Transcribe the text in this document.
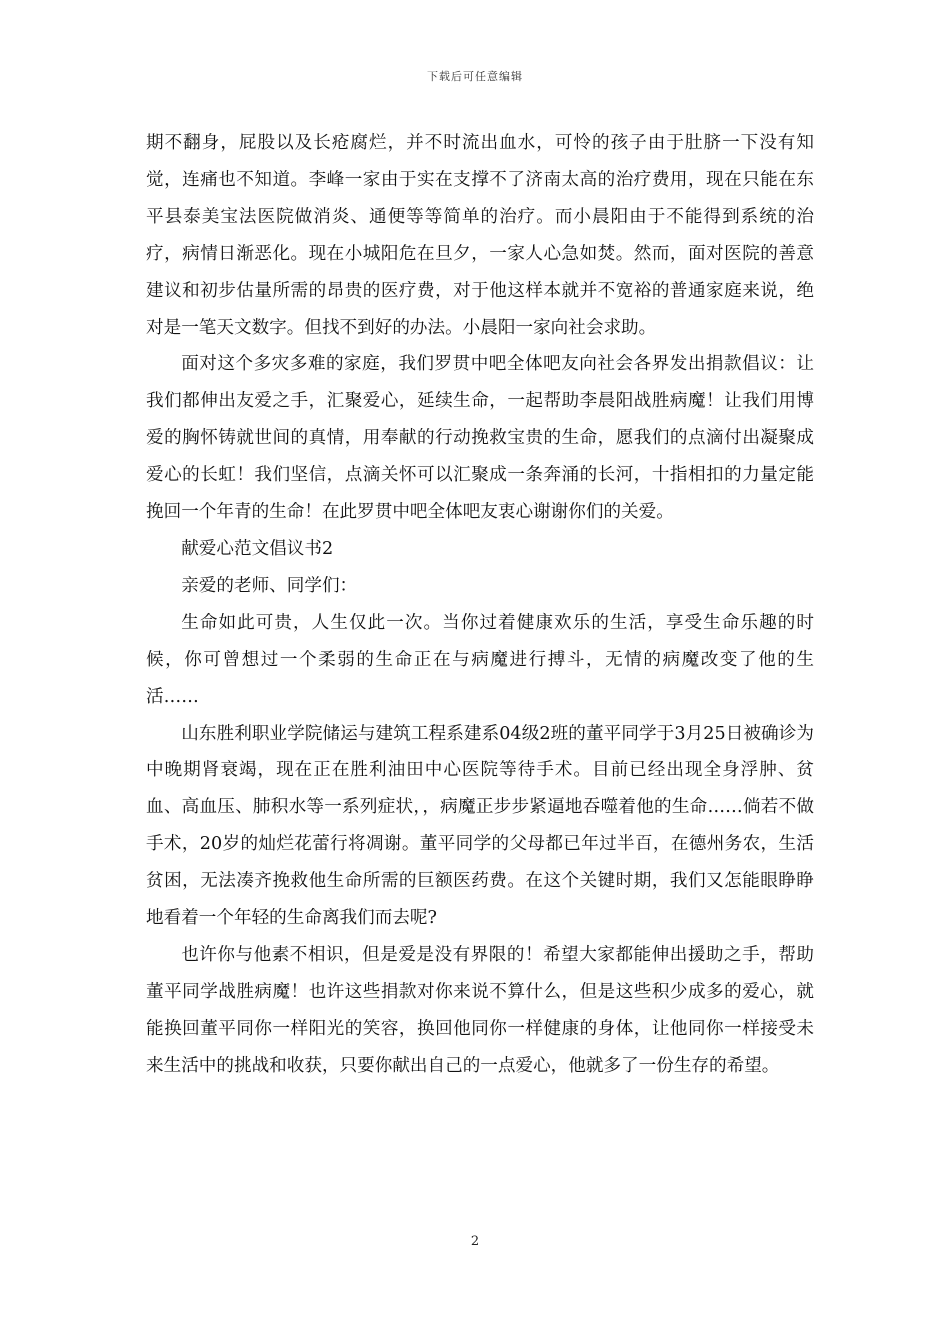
下载后可任意编辑

期不翻身，屁股以及长疮腐烂，并不时流出血水，可怜的孩子由于肚脐一下没有知觉，连痛也不知道。李峰一家由于实在支撑不了济南太高的治疗费用，现在只能在东平县泰美宝法医院做消炎、通便等等简单的治疗。而小晨阳由于不能得到系统的治疗，病情日渐恶化。现在小城阳危在旦夕，一家人心急如焚。然而，面对医院的善意建议和初步估量所需的昂贵的医疗费，对于他这样本就并不宽裕的普通家庭来说，绝对是一笔天文数字。但找不到好的办法。小晨阳一家向社会求助。

面对这个多灾多难的家庭，我们罗贯中吧全体吧友向社会各界发出捐款倡议：让我们都伸出友爱之手，汇聚爱心，延续生命，一起帮助李晨阳战胜病魔！让我们用博爱的胸怀铸就世间的真情，用奉献的行动挽救宝贵的生命，愿我们的点滴付出凝聚成爱心的长虹！我们坚信，点滴关怀可以汇聚成一条奔涌的长河，十指相扣的力量定能挽回一个年青的生命！在此罗贯中吧全体吧友衷心谢谢你们的关爱。

献爱心范文倡议书2

亲爱的老师、同学们：

生命如此可贵，人生仅此一次。当你过着健康欢乐的生活，享受生命乐趣的时候，你可曾想过一个柔弱的生命正在与病魔进行搏斗，无情的病魔改变了他的生活……

山东胜利职业学院储运与建筑工程系建系04级2班的董平同学于3月25日被确诊为中晚期肾衰竭，现在正在胜利油田中心医院等待手术。目前已经出现全身浮肿、贫血、高血压、肺积水等一系列症状，，病魔正步步紧逼地吞噬着他的生命……倘若不做手术，20岁的灿烂花蕾行将凋谢。董平同学的父母都已年过半百，在德州务农，生活贫困，无法凑齐挽救他生命所需的巨额医药费。在这个关键时期，我们又怎能眼睁睁地看着一个年轻的生命离我们而去呢?

也许你与他素不相识，但是爱是没有界限的！希望大家都能伸出援助之手，帮助董平同学战胜病魔！也许这些捐款对你来说不算什么，但是这些积少成多的爱心，就能换回董平同你一样阳光的笑容，换回他同你一样健康的身体，让他同你一样接受未来生活中的挑战和收获，只要你献出自己的一点爱心，他就多了一份生存的希望。

2
